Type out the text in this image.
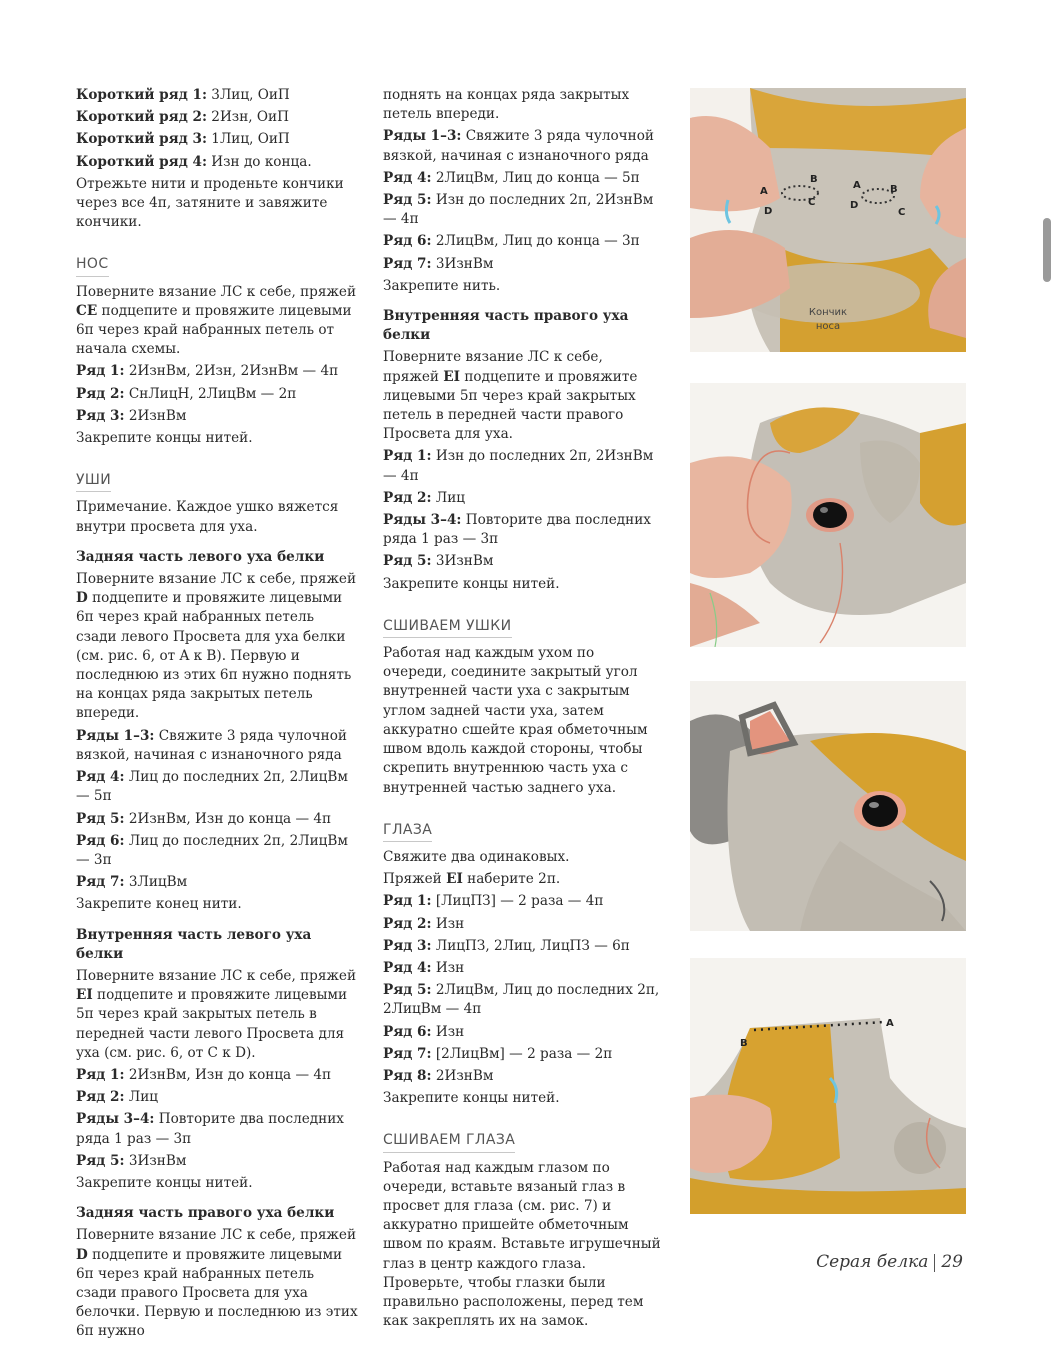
Короткий ряд 1: 3Лиц, ОиП

Короткий ряд 2: 2Изн, ОиП

Короткий ряд 3: 1Лиц, ОиП

Короткий ряд 4: Изн до конца.

Отрежьте нити и проденьте кончики через все 4п, затяните и завяжите кончики.

НОС

Поверните вязание ЛС к себе, пряжей CE подцепите и провяжите лицевыми 6п через край набранных петель от начала схемы.

Ряд 1: 2ИзнВм, 2Изн, 2ИзнВм — 4п

Ряд 2: СнЛицН, 2ЛицВм — 2п

Ряд 3: 2ИзнВм

Закрепите концы нитей.

УШИ

Примечание. Каждое ушко вяжется внутри просвета для уха.

Задняя часть левого уха белки

Поверните вязание ЛС к себе, пряжей D подцепите и провяжите лицевыми 6п через край набранных петель сзади левого Просвета для уха белки (см. рис. 6, от A к B). Первую и последнюю из этих 6п нужно поднять на концах ряда закрытых петель впереди.

Ряды 1–3: Свяжите 3 ряда чулочной вязкой, начиная с изнаночного ряда

Ряд 4: Лиц до последних 2п, 2ЛицВм — 5п

Ряд 5: 2ИзнВм, Изн до конца — 4п

Ряд 6: Лиц до последних 2п, 2ЛицВм — 3п

Ряд 7: 3ЛицВм

Закрепите конец нити.

Внутренняя часть левого уха белки

Поверните вязание ЛС к себе, пряжей EI подцепите и провяжите лицевыми 5п через край закрытых петель в передней части левого Просвета для уха (см. рис. 6, от C к D).

Ряд 1: 2ИзнВм, Изн до конца — 4п

Ряд 2: Лиц

Ряды 3–4: Повторите два последних ряда 1 раз — 3п

Ряд 5: 3ИзнВм

Закрепите концы нитей.

Задняя часть правого уха белки

Поверните вязание ЛС к себе, пряжей D подцепите и провяжите лицевыми 6п через край набранных петель сзади правого Просвета для уха белочки. Первую и последнюю из этих 6п нужно

поднять на концах ряда закрытых петель впереди.

Ряды 1–3: Свяжите 3 ряда чулочной вязкой, начиная с изнаночного ряда

Ряд 4: 2ЛицВм, Лиц до конца — 5п

Ряд 5: Изн до последних 2п, 2ИзнВм — 4п

Ряд 6: 2ЛицВм, Лиц до конца — 3п

Ряд 7: 3ИзнВм

Закрепите нить.

Внутренняя часть правого уха белки

Поверните вязание ЛС к себе, пряжей EI подцепите и провяжите лицевыми 5п через край закрытых петель в передней части правого Просвета для уха.

Ряд 1: Изн до последних 2п, 2ИзнВм — 4п

Ряд 2: Лиц

Ряды 3–4: Повторите два последних ряда 1 раз — 3п

Ряд 5: 3ИзнВм

Закрепите концы нитей.

СШИВАЕМ УШКИ

Работая над каждым ухом по очереди, соедините закрытый угол внутренней части уха с закрытым углом задней части уха, затем аккуратно сшейте края обметочным швом вдоль каждой стороны, чтобы скрепить внутреннюю часть уха с внутренней частью заднего уха.

ГЛАЗА

Свяжите два одинаковых.

Пряжей EI наберите 2п.

Ряд 1: [ЛицПЗ] — 2 раза — 4п

Ряд 2: Изн

Ряд 3: ЛицПЗ, 2Лиц, ЛицПЗ — 6п

Ряд 4: Изн

Ряд 5: 2ЛицВм, Лиц до последних 2п, 2ЛицВм — 4п

Ряд 6: Изн

Ряд 7: [2ЛицВм] — 2 раза — 2п

Ряд 8: 2ИзнВм

Закрепите концы нитей.

СШИВАЕМ ГЛАЗА

Работая над каждым глазом по очереди, вставьте вязаный глаз в просвет для глаза (см. рис. 7) и аккуратно пришейте обметочным швом по краям. Вставьте игрушечный глаз в центр каждого глаза. Проверьте, чтобы глазки были правильно расположены, перед тем как закреплять их на замок.

A
B
C
D
A	B
C
D
Кончик
носа
A
B
Серая белка 29
